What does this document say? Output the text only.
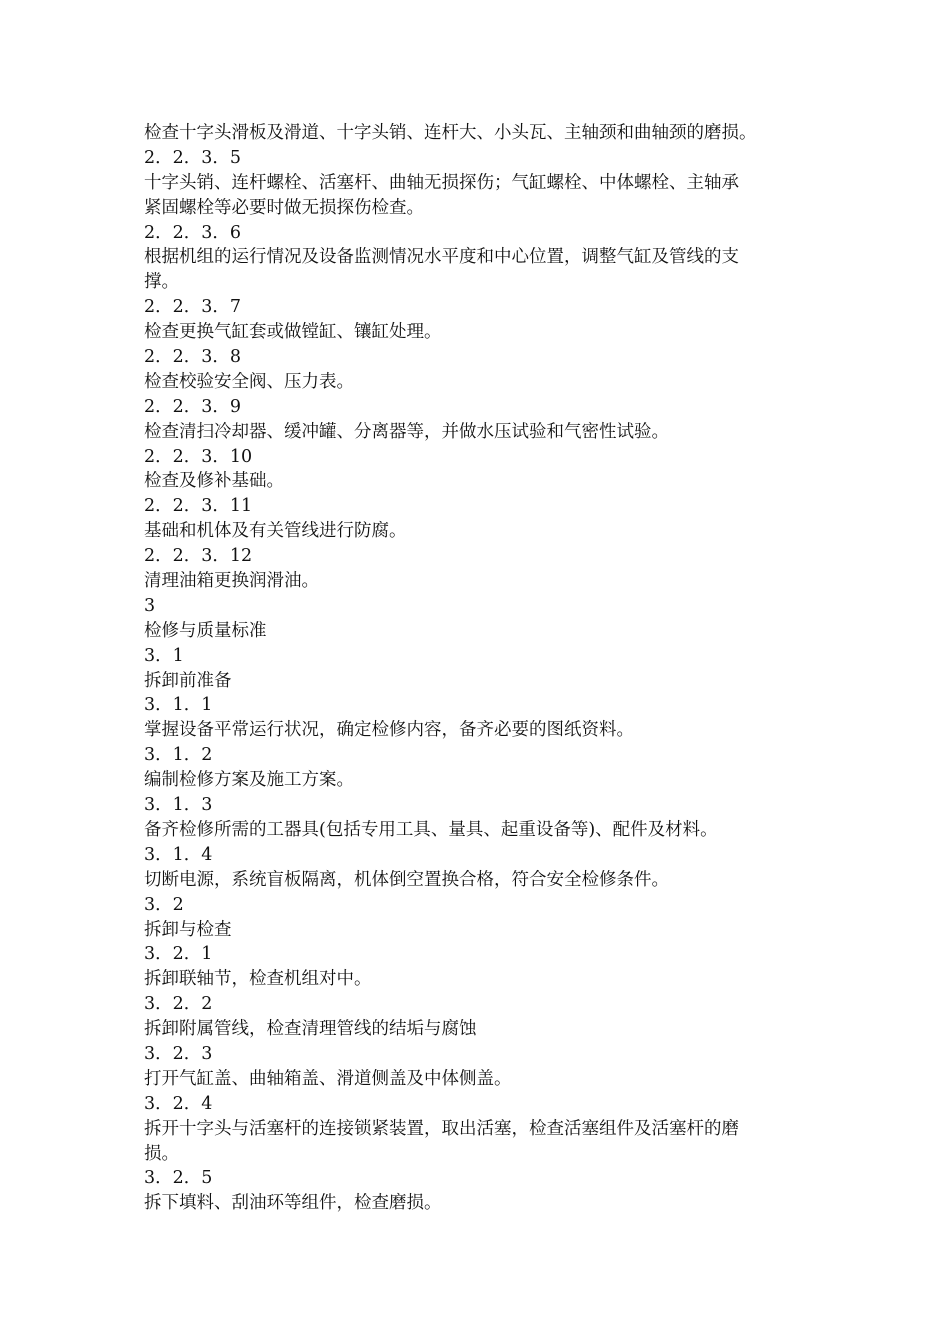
检查十字头滑板及滑道、十字头销、连杆大、小头瓦、主轴颈和曲轴颈的磨损。
2．2．3．5
十字头销、连杆螺栓、活塞杆、曲轴无损探伤；气缸螺栓、中体螺栓、主轴承
紧固螺栓等必要时做无损探伤检查。
2．2．3．6
根据机组的运行情况及设备监测情况水平度和中心位置，调整气缸及管线的支
撑。
2．2．3．7
检查更换气缸套或做镗缸、镶缸处理。
2．2．3．8
检查校验安全阀、压力表。
2．2．3．9
检查清扫冷却器、缓冲罐、分离器等，并做水压试验和气密性试验。
2．2．3．10
检查及修补基础。
2．2．3．11
基础和机体及有关管线进行防腐。
2．2．3．12
清理油箱更换润滑油。
3
检修与质量标准
3．1
拆卸前准备
3．1．1
掌握设备平常运行状况，确定检修内容，备齐必要的图纸资料。
3．1．2
编制检修方案及施工方案。
3．1．3
备齐检修所需的工器具(包括专用工具、量具、起重设备等)、配件及材料。
3．1．4
切断电源，系统盲板隔离，机体倒空置换合格，符合安全检修条件。
3．2
拆卸与检查
3．2．1
拆卸联轴节，检查机组对中。
3．2．2
拆卸附属管线，检查清理管线的结垢与腐蚀
3．2．3
打开气缸盖、曲轴箱盖、滑道侧盖及中体侧盖。
3．2．4
拆开十字头与活塞杆的连接锁紧装置，取出活塞，检查活塞组件及活塞杆的磨
损。
3．2．5
拆下填料、刮油环等组件，检查磨损。
